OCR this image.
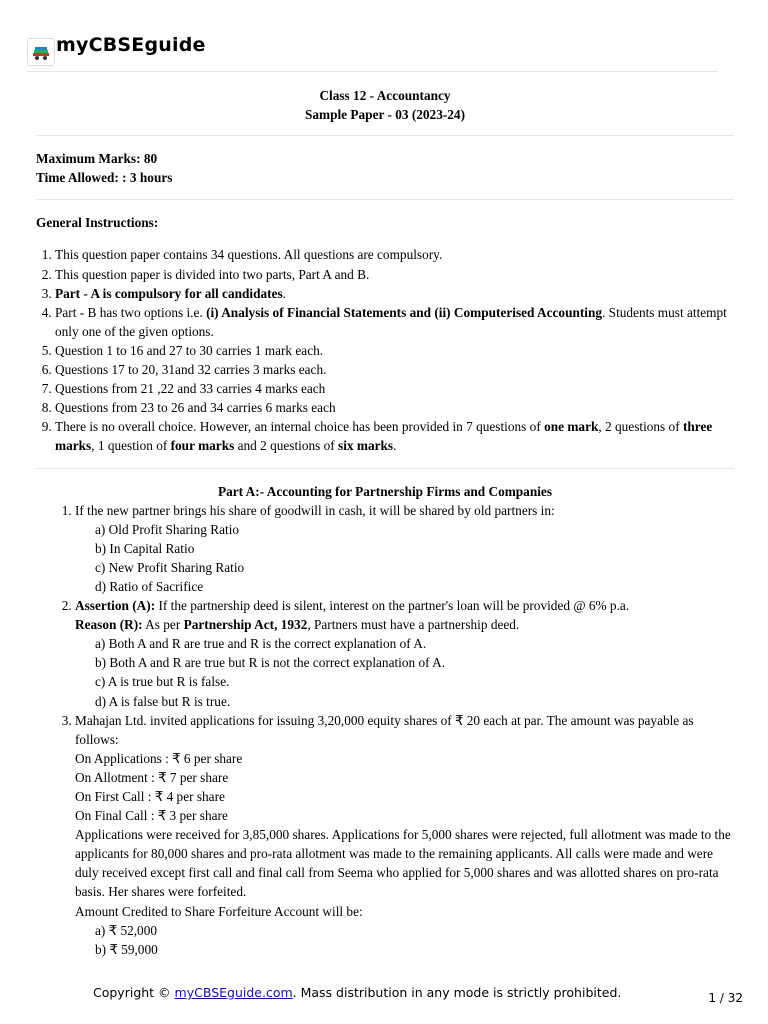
myCBSEguide
Class 12 - Accountancy
Sample Paper - 03 (2023-24)
Maximum Marks: 80
Time Allowed: : 3 hours
General Instructions:
1. This question paper contains 34 questions. All questions are compulsory.
2. This question paper is divided into two parts, Part A and B.
3. Part - A is compulsory for all candidates.
4. Part - B has two options i.e. (i) Analysis of Financial Statements and (ii) Computerised Accounting. Students must attempt only one of the given options.
5. Question 1 to 16 and 27 to 30 carries 1 mark each.
6. Questions 17 to 20, 31and 32 carries 3 marks each.
7. Questions from 21 ,22 and 33 carries 4 marks each
8. Questions from 23 to 26 and 34 carries 6 marks each
9. There is no overall choice. However, an internal choice has been provided in 7 questions of one mark, 2 questions of three marks, 1 question of four marks and 2 questions of six marks.
Part A:- Accounting for Partnership Firms and Companies
1. If the new partner brings his share of goodwill in cash, it will be shared by old partners in:
a) Old Profit Sharing Ratio
b) In Capital Ratio
c) New Profit Sharing Ratio
d) Ratio of Sacrifice
2. Assertion (A): If the partnership deed is silent, interest on the partner's loan will be provided @ 6% p.a.
Reason (R): As per Partnership Act, 1932, Partners must have a partnership deed.
a) Both A and R are true and R is the correct explanation of A.
b) Both A and R are true but R is not the correct explanation of A.
c) A is true but R is false.
d) A is false but R is true.
3. Mahajan Ltd. invited applications for issuing 3,20,000 equity shares of ₹ 20 each at par. The amount was payable as follows:
On Applications : ₹ 6 per share
On Allotment : ₹ 7 per share
On First Call : ₹ 4 per share
On Final Call : ₹ 3 per share
Applications were received for 3,85,000 shares. Applications for 5,000 shares were rejected, full allotment was made to the applicants for 80,000 shares and pro-rata allotment was made to the remaining applicants. All calls were made and were duly received except first call and final call from Seema who applied for 5,000 shares and was allotted shares on pro-rata basis. Her shares were forfeited.
Amount Credited to Share Forfeiture Account will be:
a) ₹ 52,000
b) ₹ 59,000
Copyright © myCBSEguide.com. Mass distribution in any mode is strictly prohibited.	1 / 32
